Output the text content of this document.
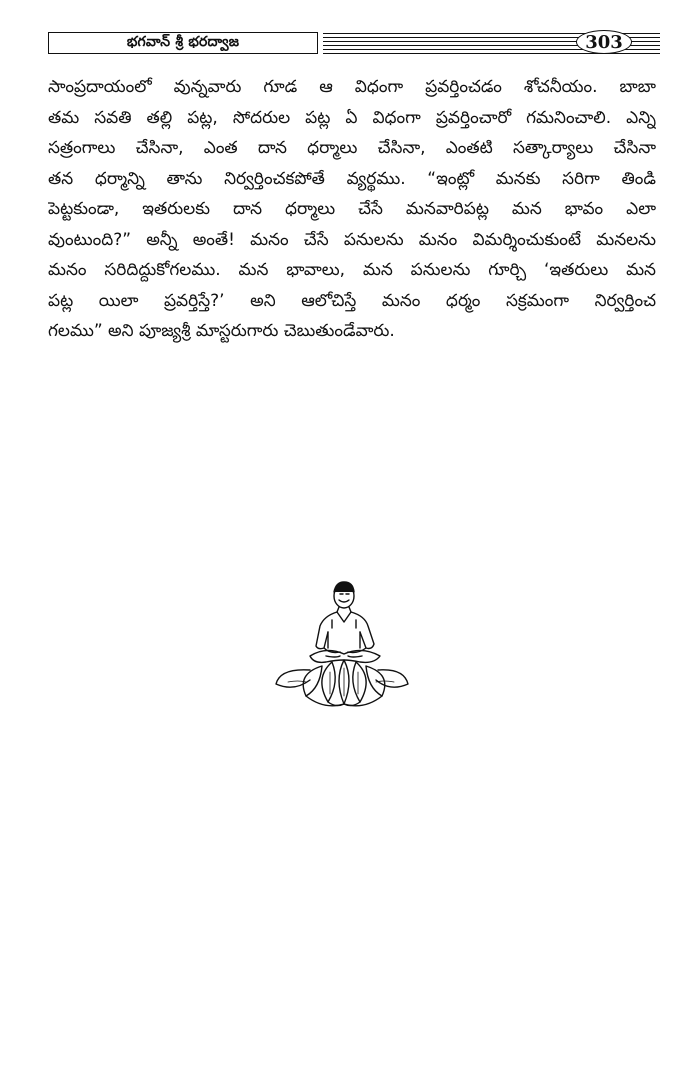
భగవాన్ శ్రీ భరద్వాజ	303

సాంప్రదాయంలో వున్నవారు గూడ ఆ విధంగా ప్రవర్తించడం శోచనీయం. బాబా

తమ సవతి తల్లి పట్ల, సోదరుల పట్ల ఏ విధంగా ప్రవర్తించారో గమనించాలి. ఎన్ని

సత్రంగాలు చేసినా, ఎంత దాన ధర్మాలు చేసినా, ఎంతటి సత్కార్యాలు చేసినా

తన ధర్మాన్ని తాను నిర్వర్తించకపోతే వ్యర్థము. “ఇంట్లో మనకు సరిగా తిండి

పెట్టకుండా, ఇతరులకు దాన ధర్మాలు చేసే మనవారిపట్ల మన భావం ఎలా

వుంటుంది?” అన్నీ అంతే! మనం చేసే పనులను మనం విమర్శించుకుంటే మనలను

మనం సరిదిద్దుకోగలము. మన భావాలు, మన పనులను గూర్చి ‘ఇతరులు మన

పట్ల యిలా ప్రవర్తిస్తే?’ అని ఆలోచిస్తే మనం ధర్మం సక్రమంగా నిర్వర్తించ

గలము” అని పూజ్యశ్రీ మాస్టరుగారు చెబుతుండేవారు.
